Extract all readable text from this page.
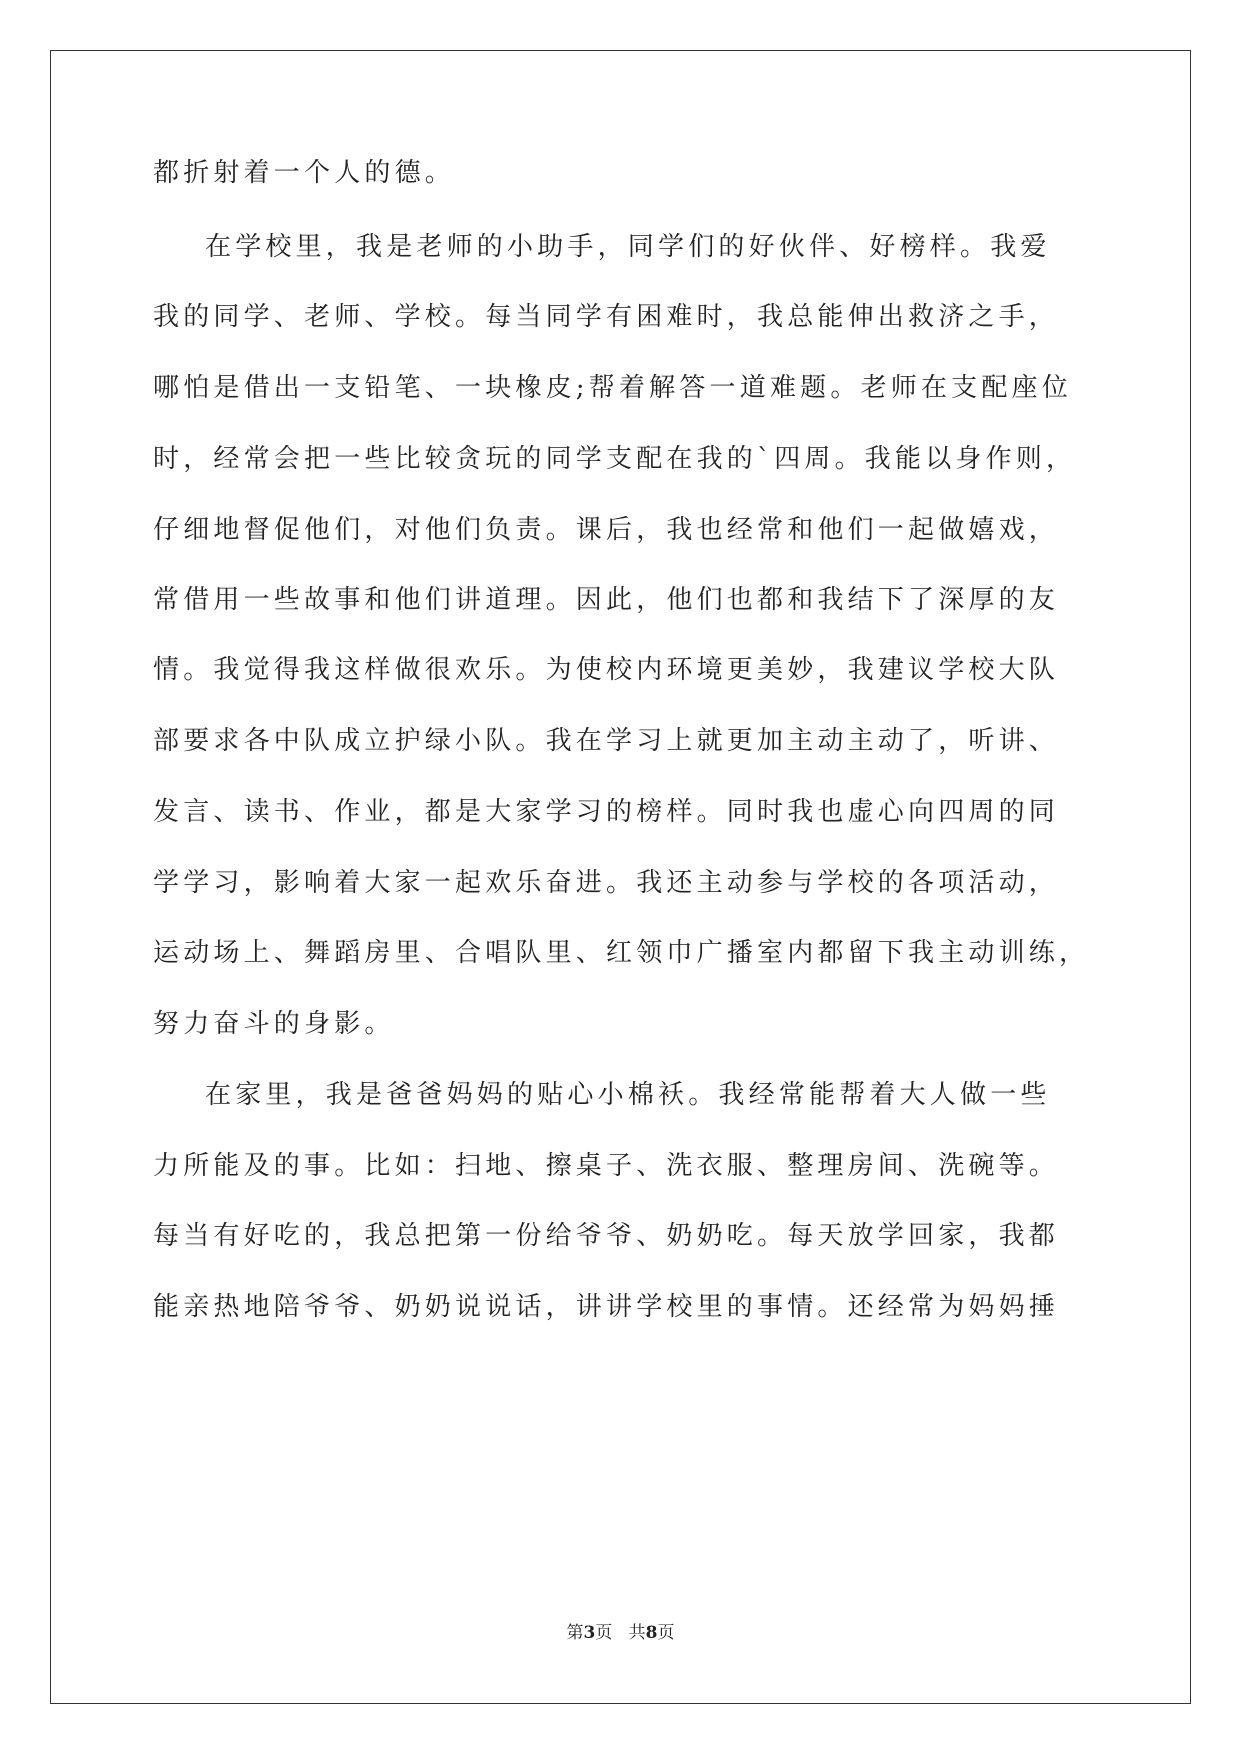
都折射着一个人的德。
在学校里，我是老师的小助手，同学们的好伙伴、好榜样。我爱
我的同学、老师、学校。每当同学有困难时，我总能伸出救济之手，
哪怕是借出一支铅笔、一块橡皮;帮着解答一道难题。老师在支配座位
时，经常会把一些比较贪玩的同学支配在我的`四周。我能以身作则，
仔细地督促他们，对他们负责。课后，我也经常和他们一起做嬉戏，
常借用一些故事和他们讲道理。因此，他们也都和我结下了深厚的友
情。我觉得我这样做很欢乐。为使校内环境更美妙，我建议学校大队
部要求各中队成立护绿小队。我在学习上就更加主动主动了，听讲、
发言、读书、作业，都是大家学习的榜样。同时我也虚心向四周的同
学学习，影响着大家一起欢乐奋进。我还主动参与学校的各项活动，
运动场上、舞蹈房里、合唱队里、红领巾广播室内都留下我主动训练，
努力奋斗的身影。
在家里，我是爸爸妈妈的贴心小棉袄。我经常能帮着大人做一些
力所能及的事。比如：扫地、擦桌子、洗衣服、整理房间、洗碗等。
每当有好吃的，我总把第一份给爷爷、奶奶吃。每天放学回家，我都
能亲热地陪爷爷、奶奶说说话，讲讲学校里的事情。还经常为妈妈捶
第3页 共8页
